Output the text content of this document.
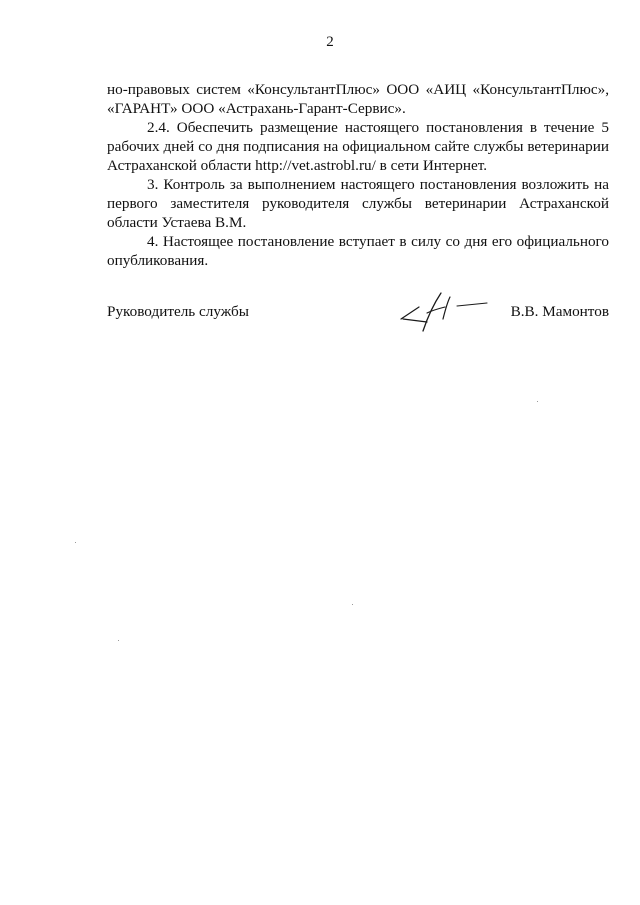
2

но-правовых систем «КонсультантПлюс» ООО «АИЦ «КонсультантПлюс», «ГАРАНТ» ООО «Астрахань-Гарант-Сервис».

2.4. Обеспечить размещение настоящего постановления в течение 5 рабочих дней со дня подписания на официальном сайте службы ветеринарии Астраханской области http://vet.astrobl.ru/ в сети Интернет.

3. Контроль за выполнением настоящего постановления возложить на первого заместителя руководителя службы ветеринарии Астраханской области Устаева В.М.

4. Настоящее постановление вступает в силу со дня его официального опубликования.

Руководитель службы	В.В. Мамонтов
